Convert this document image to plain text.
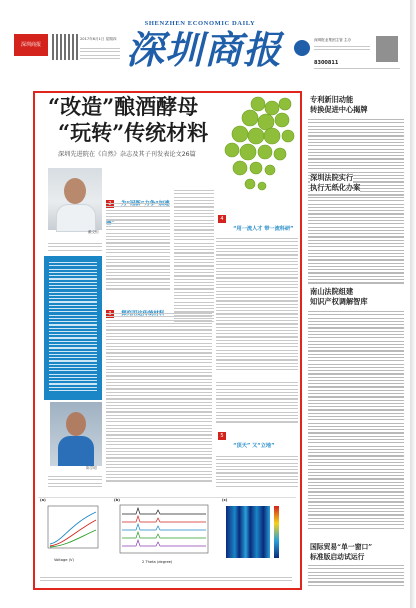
SHENZHEN ECONOMIC DAILY
深圳商报
深圳商报
2017年6月1日 星期四	深圳报业集团主管 主办
8300811
“改造”酿酒酵母
“玩转”传统材料
深圳先进院在《自然》杂志及其子刊发表论文26篇
戴文恒
陈学明
4 “用一流人才 带一流科研”
5 “顶天” 又“立地”
(a)
Voltage (V)
(b)
2 Theta (degree)
(c)
专利新旧动能
转换促进中心揭牌
深圳法院实行
执行无纸化办案
南山法院组建
知识产权调解智库
国际贸易“单一窗口”
标准版启动试运行
